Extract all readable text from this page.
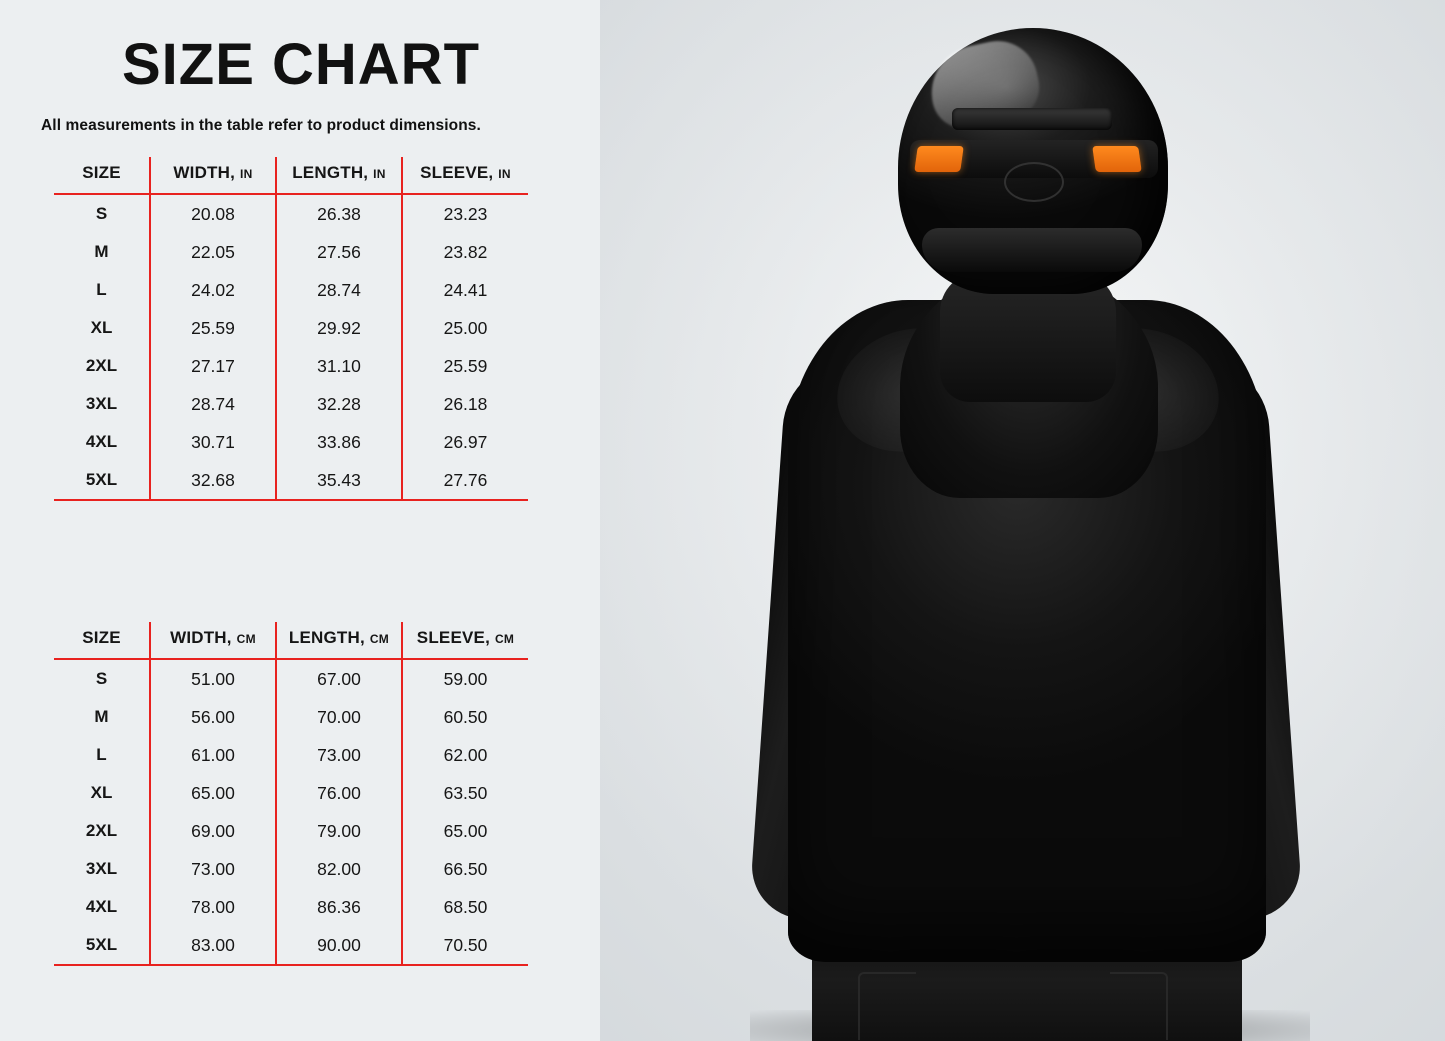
SIZE CHART
All measurements in the table refer to product dimensions.
SIZE	WIDTH, IN	LENGTH, IN	SLEEVE, IN
S	20.08	26.38	23.23
M	22.05	27.56	23.82
L	24.02	28.74	24.41
XL	25.59	29.92	25.00
2XL	27.17	31.10	25.59
3XL	28.74	32.28	26.18
4XL	30.71	33.86	26.97
5XL	32.68	35.43	27.76
SIZE	WIDTH, CM	LENGTH, CM	SLEEVE, CM
S	51.00	67.00	59.00
M	56.00	70.00	60.50
L	61.00	73.00	62.00
XL	65.00	76.00	63.50
2XL	69.00	79.00	65.00
3XL	73.00	82.00	66.50
4XL	78.00	86.36	68.50
5XL	83.00	90.00	70.50
